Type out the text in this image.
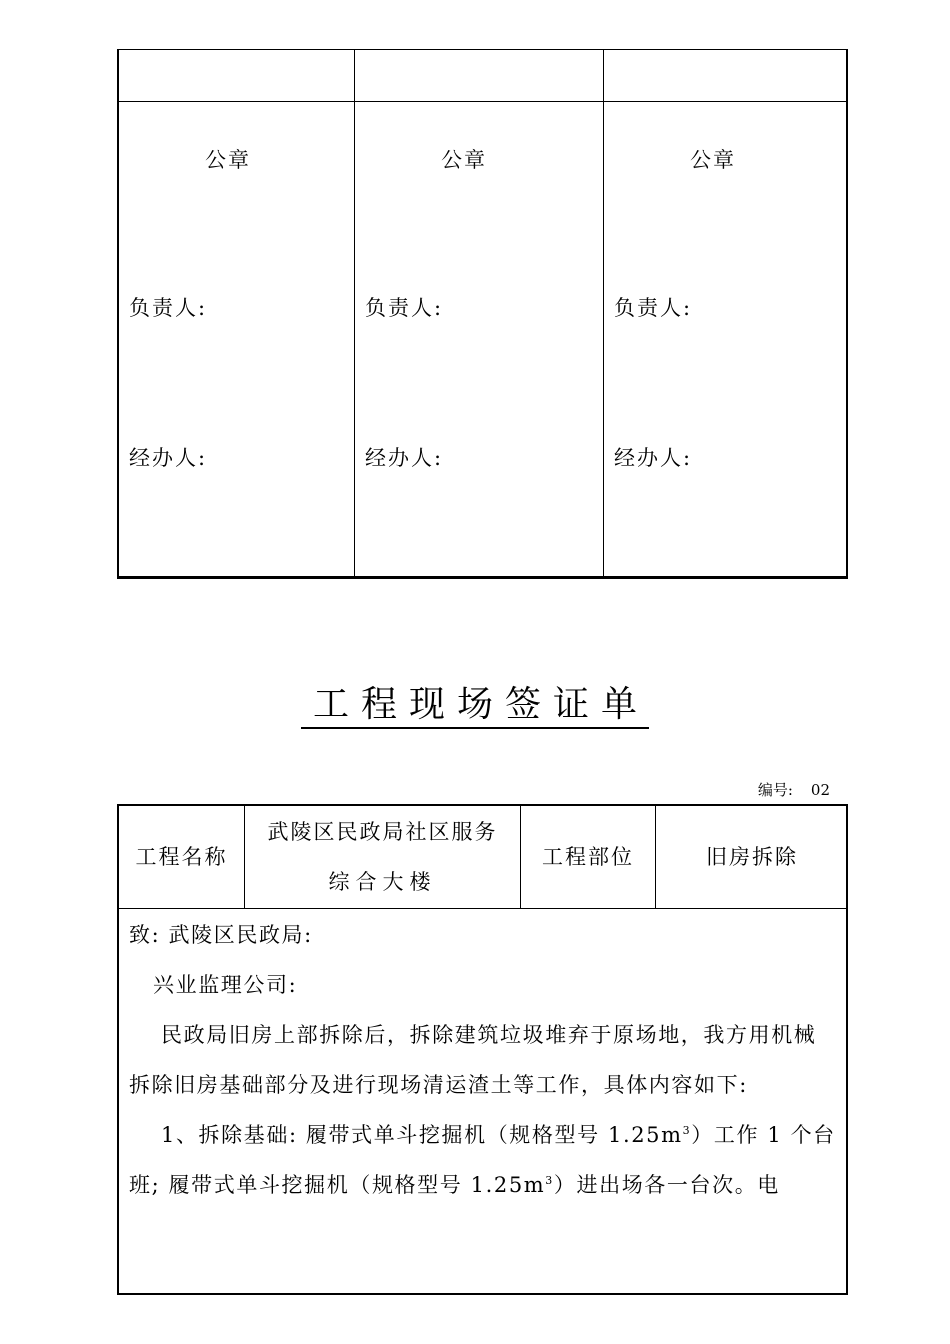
公章
负责人:
经办人:
公章
负责人:
经办人:
公章
负责人:
经办人:
工程现场签证单
编号: 02
工程名称
武陵区民政局社区服务
综合大楼
工程部位	旧房拆除

致: 武陵区民政局:

兴业监理公司:

民政局旧房上部拆除后，拆除建筑垃圾堆弃于原场地，我方用机械拆除旧房基础部分及进行现场清运渣土等工作，具体内容如下:

1、拆除基础: 履带式单斗挖掘机（规格型号 $1.25m^3$）工作 1 个台班; 履带式单斗挖掘机（规格型号 $1.25m^3$）进出场各一台次。电
